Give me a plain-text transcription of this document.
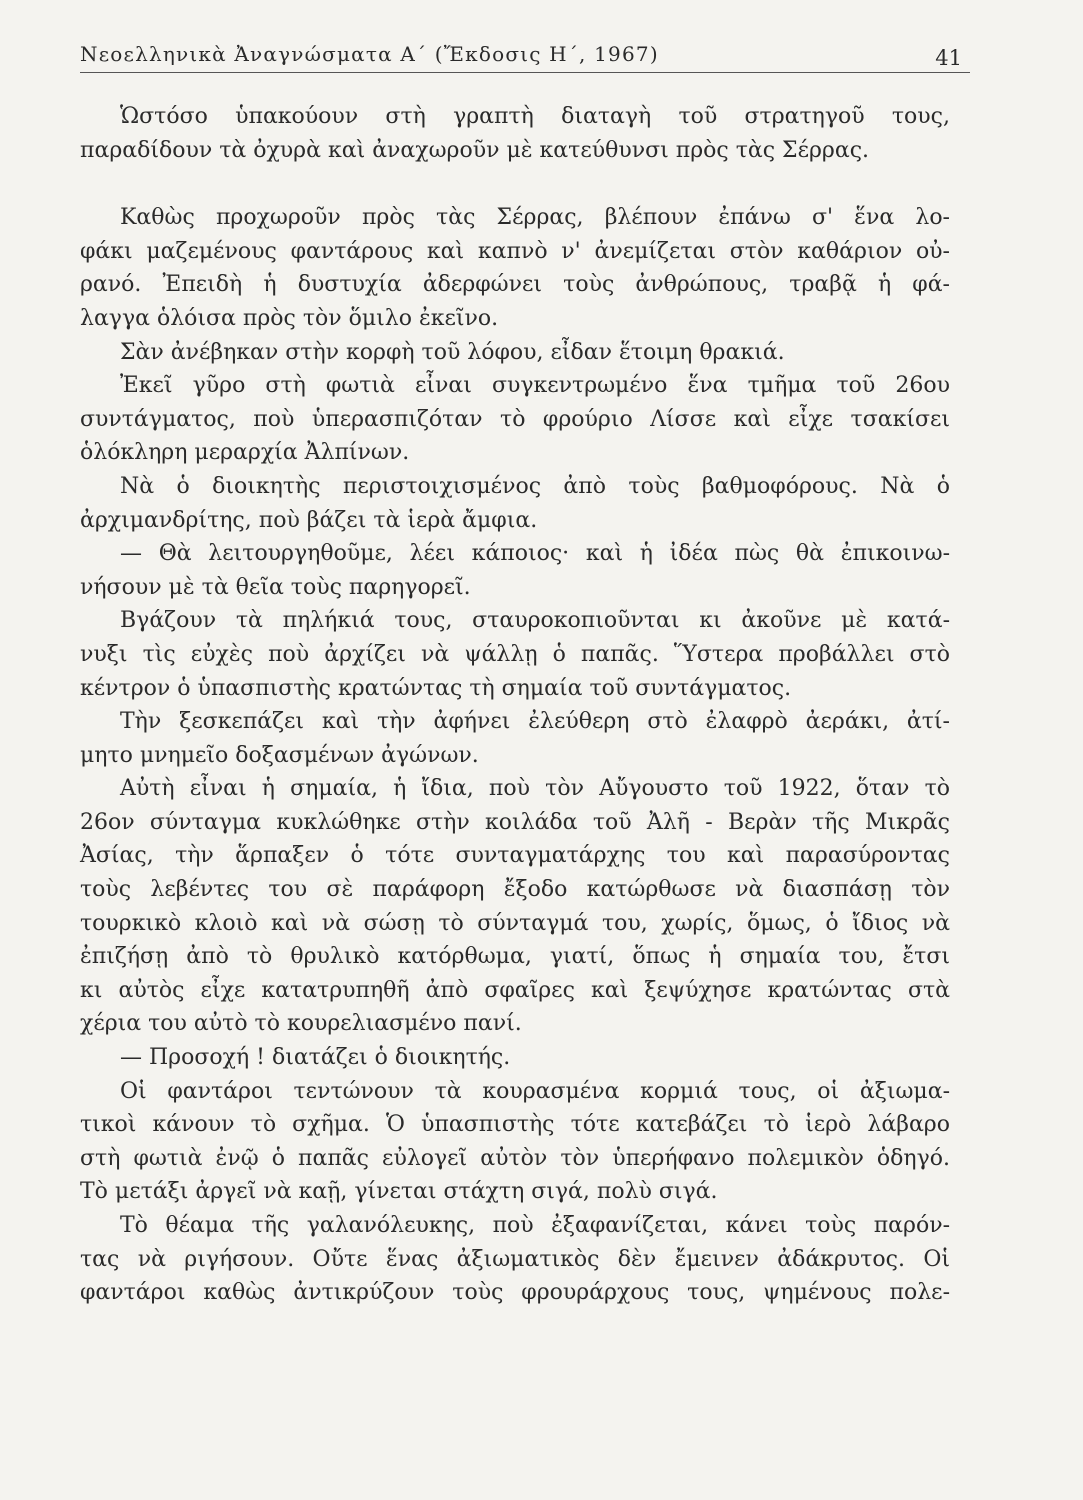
Νεοελληνικὰ Ἀναγνώσματα Α΄ (Ἔκδοσις Η΄, 1967)	41
Ὡστόσο ὑπακούουν στὴ γραπτὴ διαταγὴ τοῦ στρατηγοῦ τους,
παραδίδουν τὰ ὀχυρὰ καὶ ἀναχωροῦν μὲ κατεύθυνσι πρὸς τὰς Σέρρας.
Καθὼς προχωροῦν πρὸς τὰς Σέρρας, βλέπουν ἐπάνω σ' ἕνα λο-
φάκι μαζεμένους φαντάρους καὶ καπνὸ ν' ἀνεμίζεται στὸν καθάριον οὐ-
ρανό. Ἐπειδὴ ἡ δυστυχία ἀδερφώνει τοὺς ἀνθρώπους, τραβᾷ ἡ φά-
λαγγα ὁλόισα πρὸς τὸν ὅμιλο ἐκεῖνο.
Σὰν ἀνέβηκαν στὴν κορφὴ τοῦ λόφου, εἶδαν ἕτοιμη θρακιά.
Ἐκεῖ γῦρο στὴ φωτιὰ εἶναι συγκεντρωμένο ἕνα τμῆμα τοῦ 26ου
συντάγματος, ποὺ ὑπερασπιζόταν τὸ φρούριο Λίσσε καὶ εἶχε τσακίσει
ὁλόκληρη μεραρχία Ἀλπίνων.
Νὰ ὁ διοικητὴς περιστοιχισμένος ἀπὸ τοὺς βαθμοφόρους. Νὰ ὁ
ἀρχιμανδρίτης, ποὺ βάζει τὰ ἱερὰ ἄμφια.
— Θὰ λειτουργηθοῦμε, λέει κάποιος· καὶ ἡ ἰδέα πὼς θὰ ἐπικοινω-
νήσουν μὲ τὰ θεῖα τοὺς παρηγορεῖ.
Βγάζουν τὰ πηλήκιά τους, σταυροκοπιοῦνται κι ἀκοῦνε μὲ κατά-
νυξι τὶς εὐχὲς ποὺ ἀρχίζει νὰ ψάλλῃ ὁ παπᾶς. Ὕστερα προβάλλει στὸ
κέντρον ὁ ὑπασπιστὴς κρατώντας τὴ σημαία τοῦ συντάγματος.
Τὴν ξεσκεπάζει καὶ τὴν ἀφήνει ἐλεύθερη στὸ ἐλαφρὸ ἀεράκι, ἀτί-
μητο μνημεῖο δοξασμένων ἀγώνων.
Αὐτὴ εἶναι ἡ σημαία, ἡ ἴδια, ποὺ τὸν Αὔγουστο τοῦ 1922, ὅταν τὸ
26ον σύνταγμα κυκλώθηκε στὴν κοιλάδα τοῦ Ἀλῆ - Βερὰν τῆς Μικρᾶς
Ἀσίας, τὴν ἅρπαξεν ὁ τότε συνταγματάρχης του καὶ παρασύροντας
τοὺς λεβέντες του σὲ παράφορη ἔξοδο κατώρθωσε νὰ διασπάσῃ τὸν
τουρκικὸ κλοιὸ καὶ νὰ σώσῃ τὸ σύνταγμά του, χωρίς, ὅμως, ὁ ἴδιος νὰ
ἐπιζήσῃ ἀπὸ τὸ θρυλικὸ κατόρθωμα, γιατί, ὅπως ἡ σημαία του, ἔτσι
κι αὐτὸς εἶχε κατατρυπηθῆ ἀπὸ σφαῖρες καὶ ξεψύχησε κρατώντας στὰ
χέρια του αὐτὸ τὸ κουρελιασμένο πανί.
— Προσοχή ! διατάζει ὁ διοικητής.
Οἱ φαντάροι τεντώνουν τὰ κουρασμένα κορμιά τους, οἱ ἀξιωμα-
τικοὶ κάνουν τὸ σχῆμα. Ὁ ὑπασπιστὴς τότε κατεβάζει τὸ ἱερὸ λάβαρο
στὴ φωτιὰ ἐνῷ ὁ παπᾶς εὐλογεῖ αὐτὸν τὸν ὑπερήφανο πολεμικὸν ὁδηγό.
Τὸ μετάξι ἀργεῖ νὰ καῇ, γίνεται στάχτη σιγά, πολὺ σιγά.
Τὸ θέαμα τῆς γαλανόλευκης, ποὺ ἐξαφανίζεται, κάνει τοὺς παρόν-
τας νὰ ριγήσουν. Οὔτε ἕνας ἀξιωματικὸς δὲν ἔμεινεν ἀδάκρυτος. Οἱ
φαντάροι καθὼς ἀντικρύζουν τοὺς φρουράρχους τους, ψημένους πολε-
